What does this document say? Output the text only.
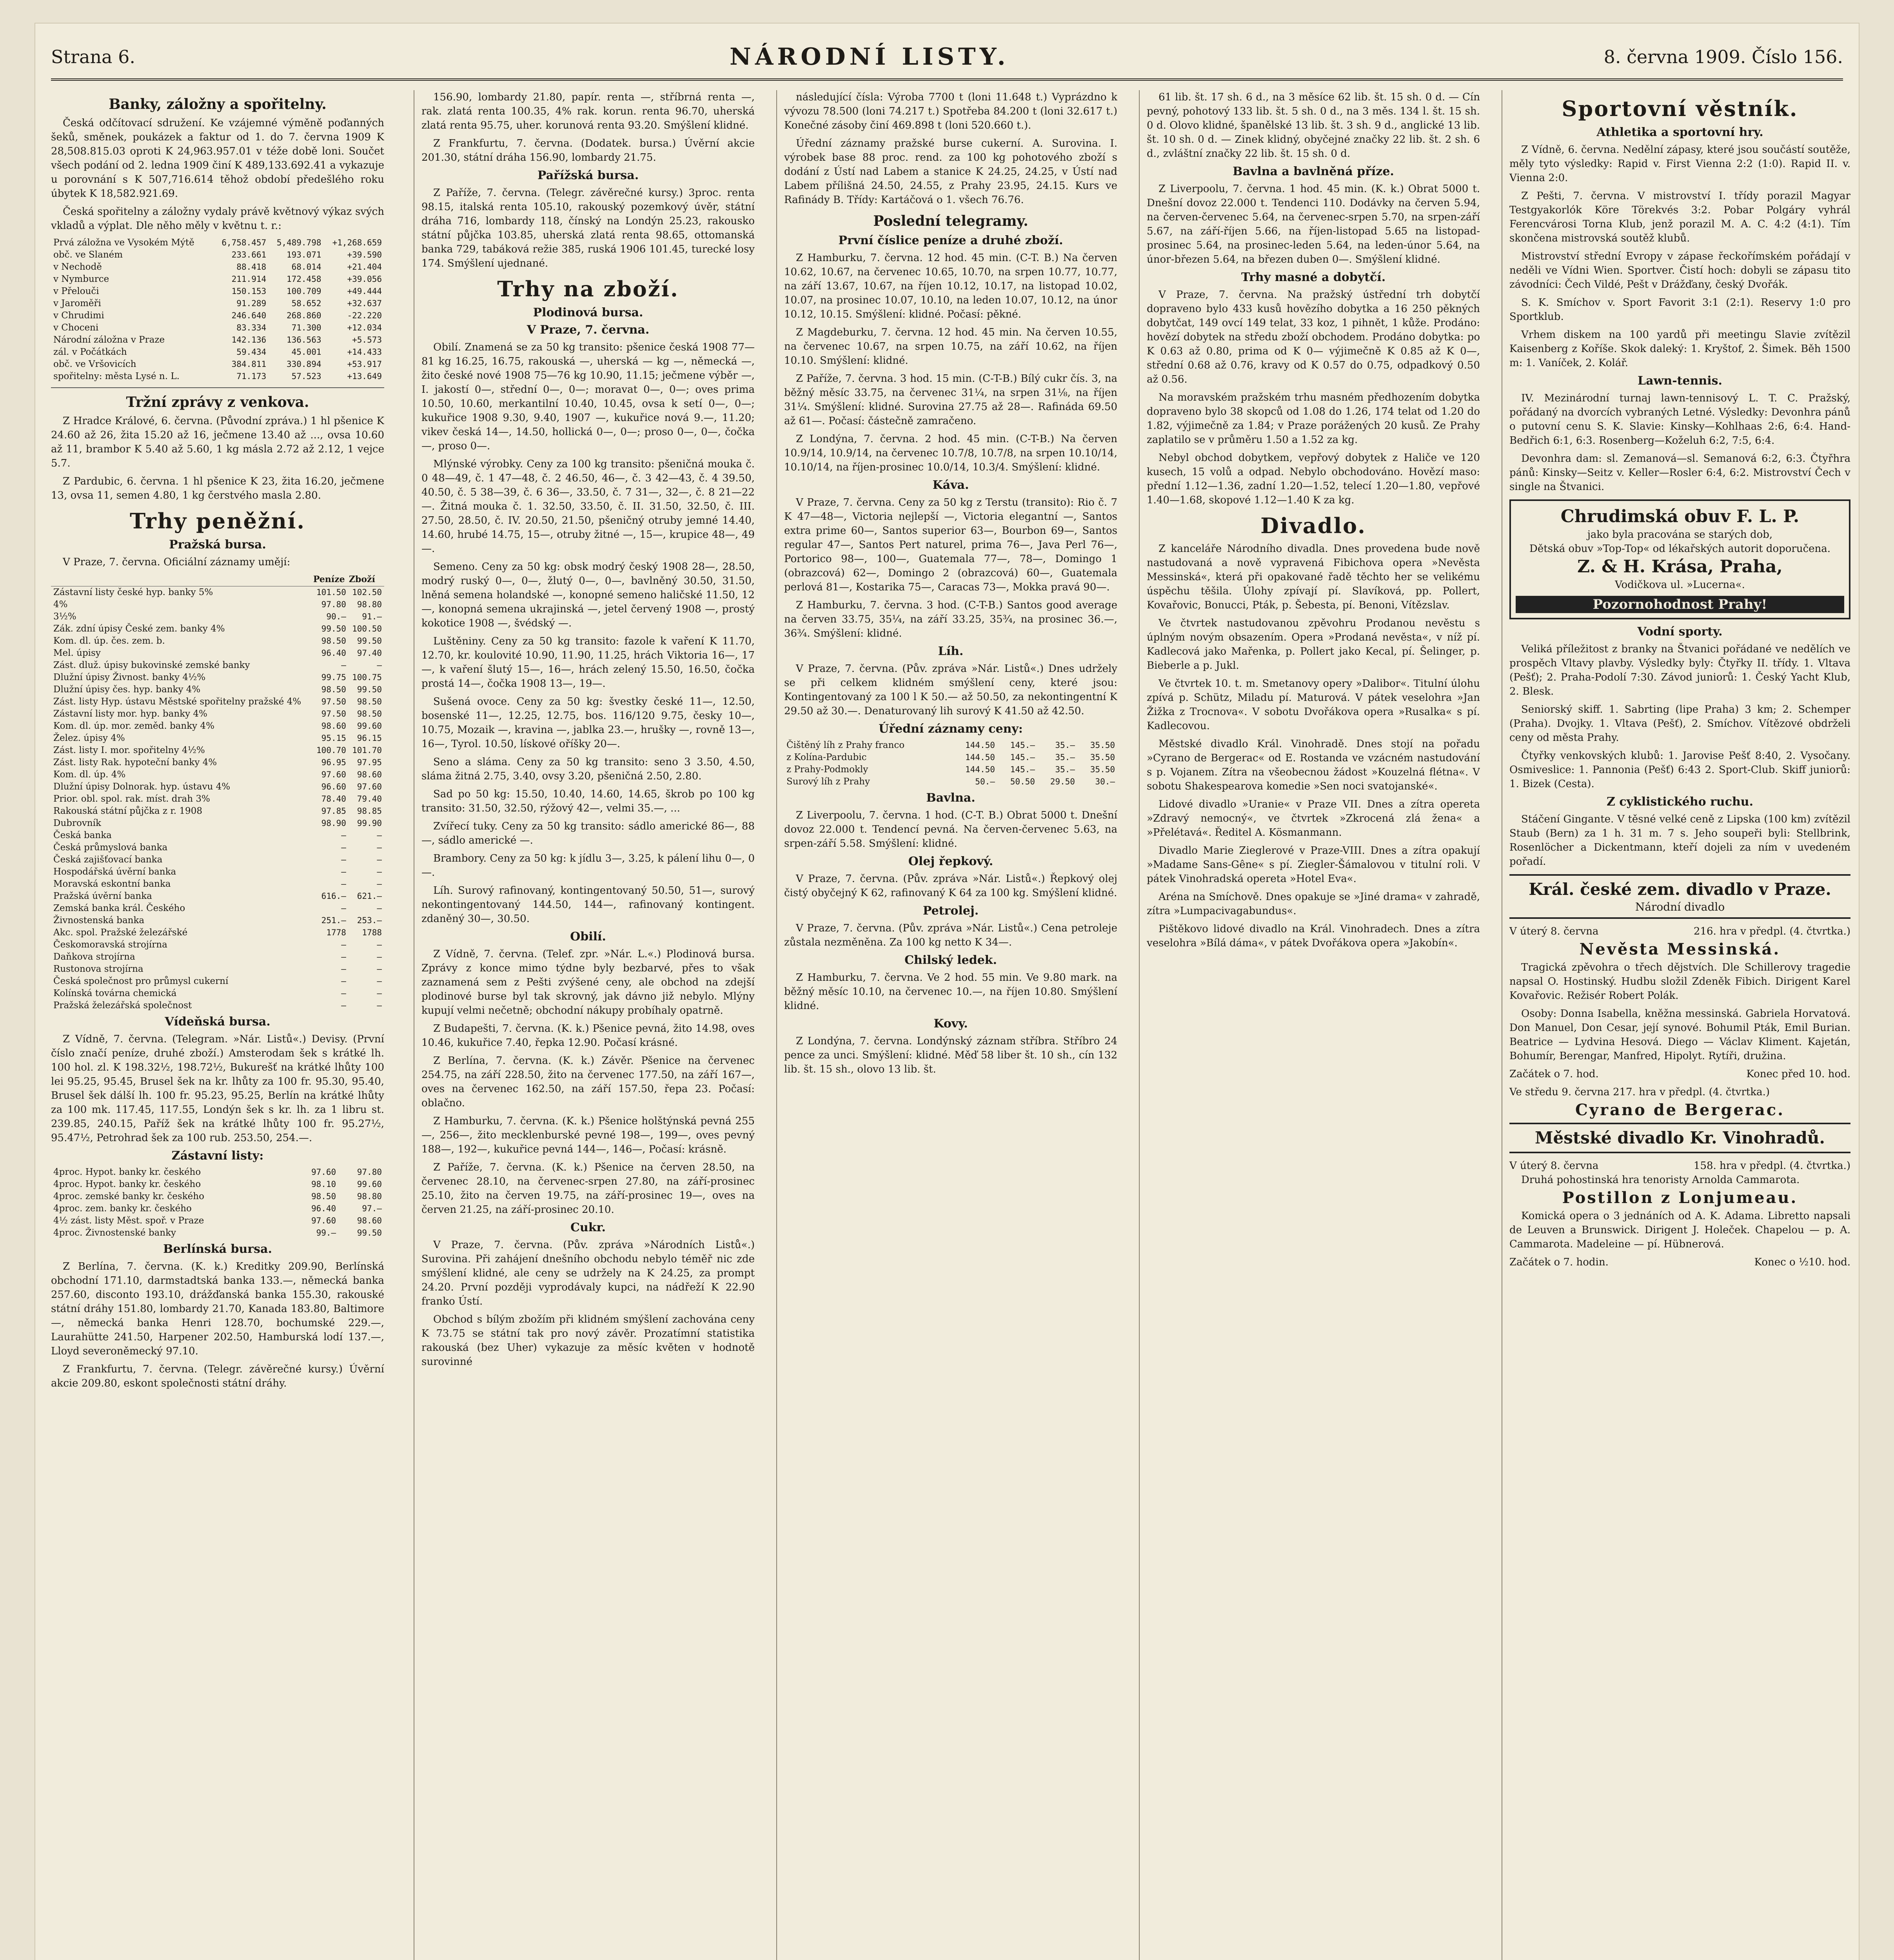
Strana 6.	NÁRODNÍ LISTY.	8. června 1909. Číslo 156.
Banky, záložny a spořitelny.

Česká odčítovací sdružení. Ke vzájemné výměně poďanných šeků, směnek, poukázek a faktur od 1. do 7. června 1909 K 28,508.815.03 oproti K 24,963.957.01 v téže době loni. Součet všech podání od 2. ledna 1909 činí K 489,133.692.41 a vykazuje u porovnání s K 507,716.614 těhož období předešlého roku úbytek K 18,582.921.69.

Česká spořitelny a záložny vydaly právě květnový výkaz svých vkladů a výplat. Dle něho měly v květnu t. r.:

Prvá záložna ve Vysokém Mýtě	6,758.457	5,489.798	+1,268.659
obč. ve Slaném	233.661	193.071	+39.590
v Nechodě	88.418	68.014	+21.404
v Nymburce	211.914	172.458	+39.056
v Přelouči	150.153	100.709	+49.444
v Jaroměři	91.289	58.652	+32.637
v Chrudimi	246.640	268.860	-22.220
v Choceni	83.334	71.300	+12.034
Národní záložna v Praze	142.136	136.563	+5.573
zál. v Počátkách	59.434	45.001	+14.433
obč. ve Vršovicích	384.811	330.894	+53.917
spořitelny: města Lysé n. L.	71.173	57.523	+13.649
Tržní zprávy z venkova.

Z Hradce Králové, 6. června. (Původní zpráva.) 1 hl pšenice K 24.60 až 26, žita 15.20 až 16, ječmene 13.40 až ..., ovsa 10.60 až 11, brambor K 5.40 až 5.60, 1 kg másla 2.72 až 2.12, 1 vejce 5.7.

Z Pardubic, 6. června. 1 hl pšenice K 23, žita 16.20, ječmene 13, ovsa 11, semen 4.80, 1 kg čerstvého masla 2.80.

Trhy peněžní.
Pražská bursa.

V Praze, 7. června. Oficiální záznamy umějí:

	Peníze	Zboží
Zástavní listy české hyp. banky 5%	101.50	102.50
4%	97.80	98.80
3½%	90.—	91.—
Zák. zdní úpisy České zem. banky 4%	99.50	100.50
Kom. dl. úp. čes. zem. b.	98.50	99.50
Mel. úpisy	96.40	97.40
Zást. dluž. úpisy bukovinské zemské banky	—	—
Dlužní úpisy Živnost. banky 4½%	99.75	100.75
Dlužní úpisy čes. hyp. banky 4%	98.50	99.50
Zást. listy Hyp. ústavu Městské spořitelny pražské 4%	97.50	98.50
Zástavní listy mor. hyp. banky 4%	97.50	98.50
Kom. dl. úp. mor. zeměd. banky 4%	98.60	99.60
Želez. úpisy 4%	95.15	96.15
Zást. listy I. mor. spořitelny 4½%	100.70	101.70
Zást. listy Rak. hypoteční banky 4%	96.95	97.95
Kom. dl. úp. 4%	97.60	98.60
Dlužní úpisy Dolnorak. hyp. ústavu 4%	96.60	97.60
Prior. obl. spol. rak. míst. drah 3%	78.40	79.40
Rakouská státní půjčka z r. 1908	97.85	98.85
Dubrovník	98.90	99.90
Česká banka	—	—
Česká průmyslová banka	—	—
Česká zajišťovací banka	—	—
Hospodářská úvěrní banka	—	—
Moravská eskontní banka	—	—
Pražská úvěrní banka	616.—	621.—
Zemská banka král. Českého	—	—
Živnostenská banka	251.—	253.—
Akc. spol. Pražské železářské	1778	1788
Českomoravská strojírna	—	—
Daňkova strojírna	—	—
Rustonova strojírna	—	—
Česká společnost pro průmysl cukerní	—	—
Kolínská továrna chemická	—	—
Pražská železářská společnost	—	—
Vídeňská bursa.

Z Vídně, 7. června. (Telegram. »Nár. Listů«.) Devisy. (První číslo značí peníze, druhé zboží.) Amsterodam šek s krátké lh. 100 hol. zl. K 198.32½, 198.72½, Bukurešť na krátké lhůty 100 lei 95.25, 95.45, Brusel šek na kr. lhůty za 100 fr. 95.30, 95.40, Brusel šek dálší lh. 100 fr. 95.23, 95.25, Berlín na krátké lhůty za 100 mk. 117.45, 117.55, Londýn šek s kr. lh. za 1 libru st. 239.85, 240.15, Paříž šek na krátké lhůty 100 fr. 95.27½, 95.47½, Petrohrad šek za 100 rub. 253.50, 254.—.

Zástavní listy:
4proc. Hypot. banky kr. českého	97.60	97.80
4proc. Hypot. banky kr. českého	98.10	99.60
4proc. zemské banky kr. českého	98.50	98.80
4proc. zem. banky kr. českého	96.40	97.—
4½ zást. listy Měst. spoř. v Praze	97.60	98.60
4proc. Živnostenské banky	99.—	99.50
Berlínská bursa.

Z Berlína, 7. června. (K. k.) Kreditky 209.90, Berlínská obchodní 171.10, darmstadtská banka 133.—, německá banka 257.60, disconto 193.10, drážďanská banka 155.30, rakouské státní dráhy 151.80, lombardy 21.70, Kanada 183.80, Baltimore —, německá banka Henri 128.70, bochumské 229.—, Laurahütte 241.50, Harpener 202.50, Hamburská lodí 137.—, Lloyd severoněmecký 97.10.

Z Frankfurtu, 7. června. (Telegr. závěrečné kursy.) Úvěrní akcie 209.80, eskont společnosti státní dráhy.

156.90, lombardy 21.80, papír. renta —, stříbrná renta —, rak. zlatá renta 100.35, 4% rak. korun. renta 96.70, uherská zlatá renta 95.75, uher. korunová renta 93.20. Smýšlení klidné.

Z Frankfurtu, 7. června. (Dodatek. bursa.) Úvěrní akcie 201.30, státní dráha 156.90, lombardy 21.75.

Pařížská bursa.

Z Paříže, 7. června. (Telegr. závěrečné kursy.) 3proc. renta 98.15, italská renta 105.10, rakouský pozemkový úvěr, státní dráha 716, lombardy 118, čínský na Londýn 25.23, rakousko státní půjčka 103.85, uherská zlatá renta 98.65, ottomanská banka 729, tabáková režie 385, ruská 1906 101.45, turecké losy 174. Smýšlení ujednané.

Trhy na zboží.
Plodinová bursa.
V Praze, 7. června.

Obilí. Znamená se za 50 kg transito: pšenice česká 1908 77—81 kg 16.25, 16.75, rakouská —, uherská — kg —, německá —, žito české nové 1908 75—76 kg 10.90, 11.15; ječmene výběr —, I. jakostí 0—, střední 0—, 0—; moravat 0—, 0—; oves prima 10.50, 10.60, merkantilní 10.40, 10.45, ovsa k setí 0—, 0—; kukuřice 1908 9.30, 9.40, 1907 —, kukuřice nová 9.—, 11.20; vikev česká 14—, 14.50, hollická 0—, 0—; proso 0—, 0—, čočka —, proso 0—.

Mlýnské výrobky. Ceny za 100 kg transito: pšeničná mouka č. 0 48—49, č. 1 47—48, č. 2 46.50, 46—, č. 3 42—43, č. 4 39.50, 40.50, č. 5 38—39, č. 6 36—, 33.50, č. 7 31—, 32—, č. 8 21—22—. Žitná mouka č. 1. 32.50, 33.50, č. II. 31.50, 32.50, č. III. 27.50, 28.50, č. IV. 20.50, 21.50, pšeničný otruby jemné 14.40, 14.60, hrubé 14.75, 15—, otruby žitné —, 15—, krupice 48—, 49—.

Semeno. Ceny za 50 kg: obsk modrý český 1908 28—, 28.50, modrý ruský 0—, 0—, žlutý 0—, 0—, bavlněný 30.50, 31.50, lněná semena holandské —, konopné semeno haličské 11.50, 12—, konopná semena ukrajinská —, jetel červený 1908 —, prostý kokotice 1908 —, švédský —.

Luštěniny. Ceny za 50 kg transito: fazole k vaření K 11.70, 12.70, kr. koulovité 10.90, 11.90, 11.25, hrách Viktoria 16—, 17—, k vaření šlutý 15—, 16—, hrách zelený 15.50, 16.50, čočka prostá 14—, čočka 1908 13—, 19—.

Sušená ovoce. Ceny za 50 kg: švestky české 11—, 12.50, bosenské 11—, 12.25, 12.75, bos. 116/120 9.75, česky 10—, 10.75, Mozaik —, kravina —, jablka 23.—, hrušky —, rovně 13—, 16—, Tyrol. 10.50, lískové oříšky 20—.

Seno a sláma. Ceny za 50 kg transito: seno 3 3.50, 4.50, sláma žitná 2.75, 3.40, ovsy 3.20, pšeničná 2.50, 2.80.

Sad po 50 kg: 15.50, 10.40, 14.60, 14.65, škrob po 100 kg transito: 31.50, 32.50, rýžový 42—, velmi 35.—, ...

Zvířecí tuky. Ceny za 50 kg transito: sádlo americké 86—, 88—, sádlo americké —.

Brambory. Ceny za 50 kg: k jídlu 3—, 3.25, k pálení lihu 0—, 0—.

Líh. Surový rafinovaný, kontingentovaný 50.50, 51—, surový nekontingentovaný 144.50, 144—, rafinovaný kontingent. zdaněný 30—, 30.50.

Obilí.

Z Vídně, 7. června. (Telef. zpr. »Nár. L.«.) Plodinová bursa. Zprávy z konce mimo týdne byly bezbarvé, přes to však zaznamená sem z Pešti zvýšené ceny, ale obchod na zdejší plodinové burse byl tak skrovný, jak dávno již nebylo. Mlýny kupují velmi nečetně; obchodní nákupy probíhaly opatrně.

Z Budapešti, 7. června. (K. k.) Pšenice pevná, žito 14.98, oves 10.46, kukuřice 7.40, řepka 12.90. Počasí krásné.

Z Berlína, 7. června. (K. k.) Závěr. Pšenice na červenec 254.75, na září 228.50, žito na červenec 177.50, na září 167—, oves na červenec 162.50, na září 157.50, řepa 23. Počasí: oblačno.

Z Hamburku, 7. června. (K. k.) Pšenice holštýnská pevná 255—, 256—, žito mecklenburské pevné 198—, 199—, oves pevný 188—, 192—, kukuřice pevná 144—, 146—, Počasí: krásně.

Z Paříže, 7. června. (K. k.) Pšenice na červen 28.50, na červenec 28.10, na červenec-srpen 27.80, na září-prosinec 25.10, žito na červen 19.75, na září-prosinec 19—, oves na červen 21.25, na září-prosinec 20.10.

Cukr.

V Praze, 7. června. (Pův. zpráva »Národních Listů«.) Surovina. Při zahájení dnešního obchodu nebylo téměř nic zde smýšlení klidné, ale ceny se udržely na K 24.25, za prompt 24.20. První později vyprodávaly kupci, na nádřeží K 22.90 franko Ústí.

Obchod s bílým zbožím při klidném smýšlení zachována ceny K 73.75 se státní tak pro nový závěr. Prozatímní statistika rakouská (bez Uher) vykazuje za měsíc květen v hodnotě surovinné

následující čísla: Výroba 7700 t (loni 11.648 t.) Vyprázdno k vývozu 78.500 (loni 74.217 t.) Spotřeba 84.200 t (loni 32.617 t.) Konečné zásoby činí 469.898 t (loni 520.660 t.).

Úřední záznamy pražské burse cukerní. A. Surovina. I. výrobek base 88 proc. rend. za 100 kg pohotového zboží s dodání z Ústí nad Labem a stanice K 24.25, 24.25, v Ústí nad Labem přílišná 24.50, 24.55, z Prahy 23.95, 24.15. Kurs ve Rafinády B. Třídy: Kartáčová o 1. všech 76.76.

Poslední telegramy.
První číslice peníze a druhé zboží.

Z Hamburku, 7. června. 12 hod. 45 min. (C-T. B.) Na červen 10.62, 10.67, na červenec 10.65, 10.70, na srpen 10.77, 10.77, na září 13.67, 10.67, na říjen 10.12, 10.17, na listopad 10.02, 10.07, na prosinec 10.07, 10.10, na leden 10.07, 10.12, na únor 10.12, 10.15. Smýšlení: klidné. Počasí: pěkné.

Z Magdeburku, 7. června. 12 hod. 45 min. Na červen 10.55, na červenec 10.67, na srpen 10.75, na září 10.62, na říjen 10.10. Smýšlení: klidné.

Z Paříže, 7. června. 3 hod. 15 min. (C-T-B.) Bílý cukr čís. 3, na běžný měsíc 33.75, na červenec 31¼, na srpen 31⅛, na říjen 31¼. Smýšlení: klidné. Surovina 27.75 až 28—. Rafináda 69.50 až 61—. Počasí: částečně zamračeno.

Z Londýna, 7. června. 2 hod. 45 min. (C-T-B.) Na červen 10.9/14, 10.9/14, na červenec 10.7/8, 10.7/8, na srpen 10.10/14, 10.10/14, na říjen-prosinec 10.0/14, 10.3/4. Smýšlení: klidné.

Káva.

V Praze, 7. června. Ceny za 50 kg z Terstu (transito): Rio č. 7 K 47—48—, Victoria nejlepší —, Victoria elegantní —, Santos extra prime 60—, Santos superior 63—, Bourbon 69—, Santos regular 47—, Santos Pert naturel, prima 76—, Java Perl 76—, Portorico 98—, 100—, Guatemala 77—, 78—, Domingo 1 (obrazcová) 62—, Domingo 2 (obrazcová) 60—, Guatemala perlová 81—, Kostarika 75—, Caracas 73—, Mokka pravá 90—.

Z Hamburku, 7. června. 3 hod. (C-T-B.) Santos good average na červen 33.75, 35¼, na září 33.25, 35¾, na prosinec 36.—, 36¾. Smýšlení: klidné.

Líh.

V Praze, 7. června. (Pův. zpráva »Nár. Listů«.) Dnes udržely se při celkem klidném smýšlení ceny, které jsou: Kontingentovaný za 100 l K 50.— až 50.50, za nekontingentní K 29.50 až 30.—. Denaturovaný lih surový K 41.50 až 42.50.

Úřední záznamy ceny:
Čištěný líh z Prahy franco	144.50	145.—	35.—	35.50
z Kolína-Pardubic	144.50	145.—	35.—	35.50
z Prahy-Podmokly	144.50	145.—	35.—	35.50
Surový líh z Prahy	50.—	50.50	29.50	30.—
Bavlna.

Z Liverpoolu, 7. června. 1 hod. (C-T. B.) Obrat 5000 t. Dnešní dovoz 22.000 t. Tendencí pevná. Na červen-červenec 5.63, na srpen-září 5.58. Smýšlení: klidné.

Olej řepkový.

V Praze, 7. června. (Pův. zpráva »Nár. Listů«.) Řepkový olej čistý obyčejný K 62, rafinovaný K 64 za 100 kg. Smýšlení klidné.

Petrolej.

V Praze, 7. června. (Pův. zpráva »Nár. Listů«.) Cena petroleje zůstala nezměněna. Za 100 kg netto K 34—.

Chilský ledek.

Z Hamburku, 7. června. Ve 2 hod. 55 min. Ve 9.80 mark. na běžný měsíc 10.10, na červenec 10.—, na říjen 10.80. Smýšlení klidné.

Kovy.

Z Londýna, 7. června. Londýnský záznam stříbra. Stříbro 24 pence za unci. Smýšlení: klidné. Měď 58 liber št. 10 sh., cín 132 lib. št. 15 sh., olovo 13 lib. št.

61 lib. št. 17 sh. 6 d., na 3 měsíce 62 lib. št. 15 sh. 0 d. — Cín pevný, pohotový 133 lib. št. 5 sh. 0 d., na 3 měs. 134 l. št. 15 sh. 0 d. Olovo klidné, španělské 13 lib. št. 3 sh. 9 d., anglické 13 lib. št. 10 sh. 0 d. — Zinek klidný, obyčejné značky 22 lib. št. 2 sh. 6 d., zvláštní značky 22 lib. št. 15 sh. 0 d.

Bavlna a bavlněná příze.

Z Liverpoolu, 7. června. 1 hod. 45 min. (K. k.) Obrat 5000 t. Dnešní dovoz 22.000 t. Tendenci 110. Dodávky na červen 5.94, na červen-červenec 5.64, na červenec-srpen 5.70, na srpen-září 5.67, na září-říjen 5.66, na říjen-listopad 5.65 na listopad-prosinec 5.64, na prosinec-leden 5.64, na leden-únor 5.64, na únor-březen 5.64, na březen duben 0—. Smýšlení klidné.

Trhy masné a dobytčí.

V Praze, 7. června. Na pražský ústřední trh dobytčí dopraveno bylo 433 kusů hovězího dobytka a 16 250 pěkných dobytčat, 149 ovcí 149 telat, 33 koz, 1 pihnět, 1 kůže. Prodáno: hovězí dobytek na středu zboží obchodem. Prodáno dobytka: po K 0.63 až 0.80, prima od K 0— výjimečně K 0.85 až K 0—, střední 0.68 až 0.76, kravy od K 0.57 do 0.75, odpadkový 0.50 až 0.56.

Na moravském pražském trhu masném předhozením dobytka dopraveno bylo 38 skopců od 1.08 do 1.26, 174 telat od 1.20 do 1.82, výjimečně za 1.84; v Praze porážených 20 kusů. Ze Prahy zaplatilo se v průměru 1.50 a 1.52 za kg.

Nebyl obchod dobytkem, vepřový dobytek z Haliče ve 120 kusech, 15 volů a odpad. Nebylo obchodováno. Hovězí maso: přední 1.12—1.36, zadní 1.20—1.52, telecí 1.20—1.80, vepřové 1.40—1.68, skopové 1.12—1.40 K za kg.

Divadlo.

Z kanceláře Národního divadla. Dnes provedena bude nově nastudovaná a nově vypravená Fibichova opera »Nevěsta Messinská«, která při opakované řadě těchto her se velikému úspěchu těšila. Úlohy zpívají pí. Slavíková, pp. Pollert, Kovařovic, Bonucci, Pták, p. Šebesta, pí. Benoni, Vítězslav.

Ve čtvrtek nastudovanou zpěvohru Prodanou nevěstu s úplným novým obsazením. Opera »Prodaná nevěsta«, v níž pí. Kadlecová jako Mařenka, p. Pollert jako Kecal, pí. Šelinger, p. Bieberle a p. Jukl.

Ve čtvrtek 10. t. m. Smetanovy opery »Dalibor«. Titulní úlohu zpívá p. Schütz, Miladu pí. Maturová. V pátek veselohra »Jan Žižka z Trocnova«. V sobotu Dvořákova opera »Rusalka« s pí. Kadlecovou.

Městské divadlo Král. Vinohradě. Dnes stojí na pořadu »Cyrano de Bergerac« od E. Rostanda ve vzácném nastudování s p. Vojanem. Zítra na všeobecnou žádost »Kouzelná flétna«. V sobotu Shakespearova komedie »Sen noci svatojanské«.

Lidové divadlo »Uranie« v Praze VII. Dnes a zítra opereta »Zdravý nemocný«, ve čtvrtek »Zkrocená zlá žena« a »Přelétavá«. Ředitel A. Kösmanmann.

Divadlo Marie Zieglerové v Praze-VIII. Dnes a zítra opakují »Madame Sans-Gêne« s pí. Ziegler-Šámalovou v titulní roli. V pátek Vinohradská opereta »Hotel Eva«.

Aréna na Smíchově. Dnes opakuje se »Jiné drama« v zahradě, zítra »Lumpacivagabundus«.

Pištěkovo lidové divadlo na Král. Vinohradech. Dnes a zítra veselohra »Bílá dáma«, v pátek Dvořákova opera »Jakobín«.

Sportovní věstník.
Athletika a sportovní hry.

Z Vídně, 6. června. Nedělní zápasy, které jsou součástí soutěže, měly tyto výsledky: Rapid v. First Vienna 2:2 (1:0). Rapid II. v. Vienna 2:0.

Z Pešti, 7. června. V mistrovství I. třídy porazil Magyar Testgyakorlók Köre Törekvés 3:2. Pobar Polgáry vyhrál Ferencvárosi Torna Klub, jenž porazil M. A. C. 4:2 (4:1). Tím skončena mistrovská soutěž klubů.

Mistrovství střední Evropy v zápase řeckořímském pořádají v neděli ve Vídni Wien. Sportver. Čistí hoch: dobyli se zápasu tito závodníci: Čech Vildé, Pešt v Drážďany, český Dvořák.

S. K. Smíchov v. Sport Favorit 3:1 (2:1). Reservy 1:0 pro Sportklub.

Vrhem diskem na 100 yardů při meetingu Slavie zvítězil Kaisenberg z Koříše. Skok daleký: 1. Kryštof, 2. Šimek. Běh 1500 m: 1. Vaníček, 2. Kolář.

Lawn-tennis.

IV. Mezinárodní turnaj lawn-tennisový L. T. C. Pražský, pořádaný na dvorcích vybraných Letné. Výsledky: Devonhra pánů o putovní cenu S. K. Slavie: Kinsky—Kohlhaas 2:6, 6:4. Hand-Bedřich 6:1, 6:3. Rosenberg—Koželuh 6:2, 7:5, 6:4.

Devonhra dam: sl. Zemanová—sl. Semanová 6:2, 6:3. Čtyřhra pánů: Kinsky—Seitz v. Keller—Rosler 6:4, 6:2. Mistrovství Čech v single na Štvanici.

Chrudimská obuv F. L. P.
jako byla pracována se starých dob,
Dětská obuv »Top-Top« od lékařských autorit doporučena.
Z. & H. Krása, Praha,
Vodičkova ul. »Lucerna«.
Pozornohodnost Prahy!
Vodní sporty.

Veliká příležitost z branky na Štvanici pořádané ve nedělích ve prospěch Vltavy plavby. Výsledky byly: Čtyřky II. třídy. 1. Vltava (Pešť); 2. Praha-Podolí 7:30. Závod juniorů: 1. Český Yacht Klub, 2. Blesk.

Seniorský skiff. 1. Sabrting (lipe Praha) 3 km; 2. Schemper (Praha). Dvojky. 1. Vltava (Pešť), 2. Smíchov. Vítězové obdrželi ceny od města Prahy.

Čtyřky venkovských klubů: 1. Jarovise Pešť 8:40, 2. Vysočany. Osmiveslice: 1. Pannonia (Pešť) 6:43 2. Sport-Club. Skiff juniorů: 1. Bizek (Cesta).

Z cyklistického ruchu.

Stáčení Gingante. V těsné velké ceně z Lipska (100 km) zvítězil Staub (Bern) za 1 h. 31 m. 7 s. Jeho soupeři byli: Stellbrink, Rosenlöcher a Dickentmann, kteří dojeli za ním v uvedeném pořadí.

Král. české zem. divadlo v Praze.
Národní divadlo
V úterý 8. června	216. hra v předpl. (4. čtvrtka.)
Nevěsta Messinská.

Tragická zpěvohra o třech dějstvích. Dle Schillerovy tragedie napsal O. Hostinský. Hudbu složil Zdeněk Fibich. Dirigent Karel Kovařovic. Režisér Robert Polák.

Osoby: Donna Isabella, kněžna messinská. Gabriela Horvatová. Don Manuel, Don Cesar, její synové. Bohumil Pták, Emil Burian. Beatrice — Lydvina Hesová. Diego — Václav Kliment. Kajetán, Bohumír, Berengar, Manfred, Hipolyt. Rytíři, družina.

Začátek o 7. hod.	Konec před 10. hod.
Ve středu 9. června 217. hra v předpl. (4. čtvrtka.)
Cyrano de Bergerac.
Městské divadlo Kr. Vinohradů.
V úterý 8. června	158. hra v předpl. (4. čtvrtka.)

Druhá pohostinská hra tenoristy Arnolda Cammarota.

Postillon z Lonjumeau.

Komická opera o 3 jednáních od A. K. Adama. Libretto napsali de Leuven a Brunswick. Dirigent J. Holeček. Chapelou — p. A. Cammarota. Madeleine — pí. Hübnerová.

Začátek o 7. hodin.	Konec o ½10. hod.
